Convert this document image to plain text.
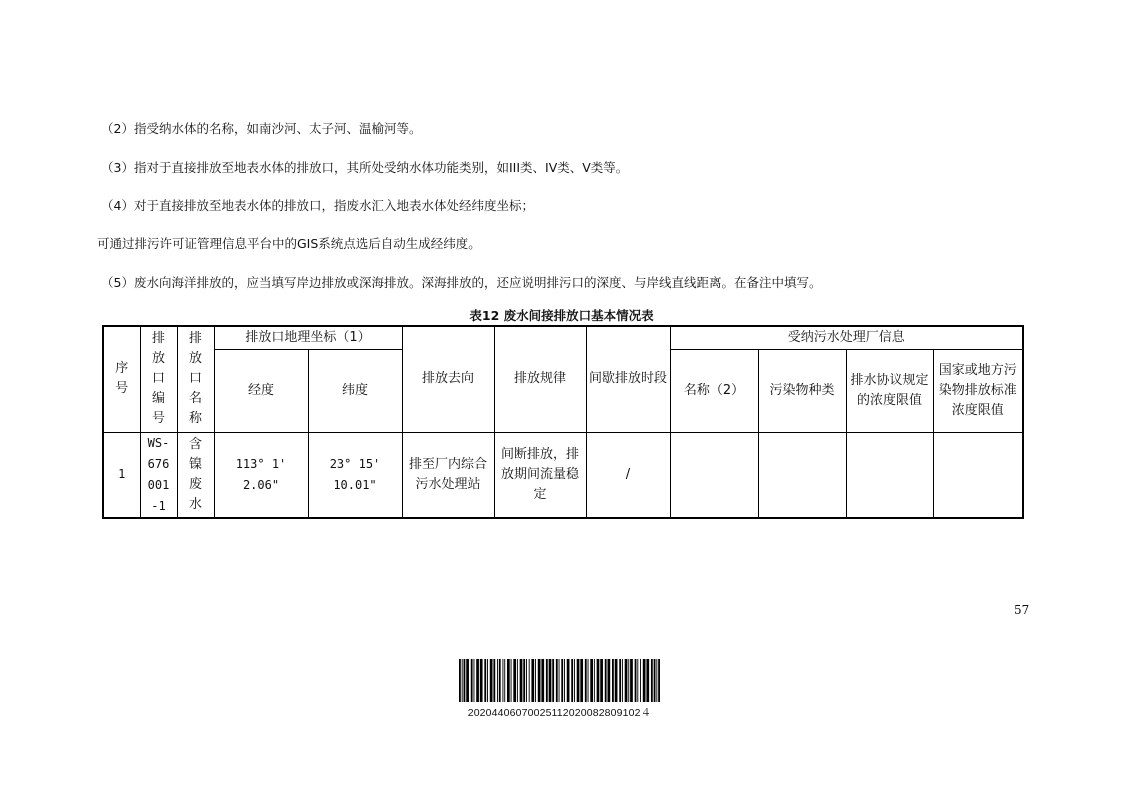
（2）指受纳水体的名称，如南沙河、太子河、温榆河等。
（3）指对于直接排放至地表水体的排放口，其所处受纳水体功能类别，如III类、IV类、V类等。
（4）对于直接排放至地表水体的排放口，指废水汇入地表水体处经纬度坐标；
可通过排污许可证管理信息平台中的GIS系统点选后自动生成经纬度。
（5）废水向海洋排放的，应当填写岸边排放或深海排放。深海排放的，还应说明排污口的深度、与岸线直线距离。在备注中填写。
表12 废水间接排放口基本情况表
序号	排放口编号	排放口名称	排放口地理坐标（1）		排放去向	排放规律	间歇排放时段	受纳污水处理厂信息			
			经度	纬度				名称（2）	污染物种类	排水协议规定的浓度限值	国家或地方污染物排放标准浓度限值
1	WS-676001-1	含镍废水	113° 1' 2.06"	23° 15' 10.01"	排至厂内综合污水处理站	间断排放，排放期间流量稳定	/				
57
20204406070025112020082809102４
